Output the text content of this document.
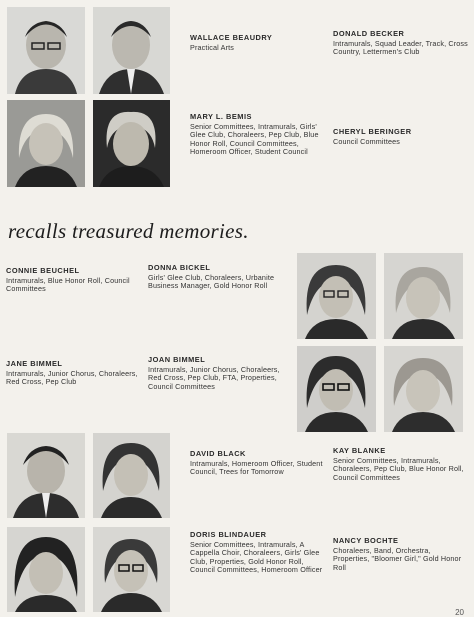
WALLACE BEAUDRY
Practical Arts
DONALD BECKER
Intramurals, Squad Leader, Track, Cross Country, Lettermen's Club
MARY L. BEMIS
Senior Committees, Intramurals, Girls' Glee Club, Choraleers, Pep Club, Blue Honor Roll, Council Committees, Homeroom Officer, Student Council
CHERYL BERINGER
Council Committees
recalls treasured memories.
CONNIE BEUCHEL
Intramurals, Blue Honor Roll, Council Committees
DONNA BICKEL
Girls' Glee Club, Choraleers, Urbanite Business Manager, Gold Honor Roll
JANE BIMMEL
Intramurals, Junior Chorus, Choraleers, Red Cross, Pep Club
JOAN BIMMEL
Intramurals, Junior Chorus, Choraleers, Red Cross, Pep Club, FTA, Properties, Council Committees
DAVID BLACK
Intramurals, Homeroom Officer, Student Council, Trees for Tomorrow
KAY BLANKE
Senior Committees, Intramurals, Choraleers, Pep Club, Blue Honor Roll, Council Committees
DORIS BLINDAUER
Senior Committees, Intramurals, A Cappella Choir, Choraleers, Girls' Glee Club, Properties, Gold Honor Roll, Council Committees, Homeroom Officer
NANCY BOCHTE
Choraleers, Band, Orchestra, Properties, "Bloomer Girl," Gold Honor Roll
20
